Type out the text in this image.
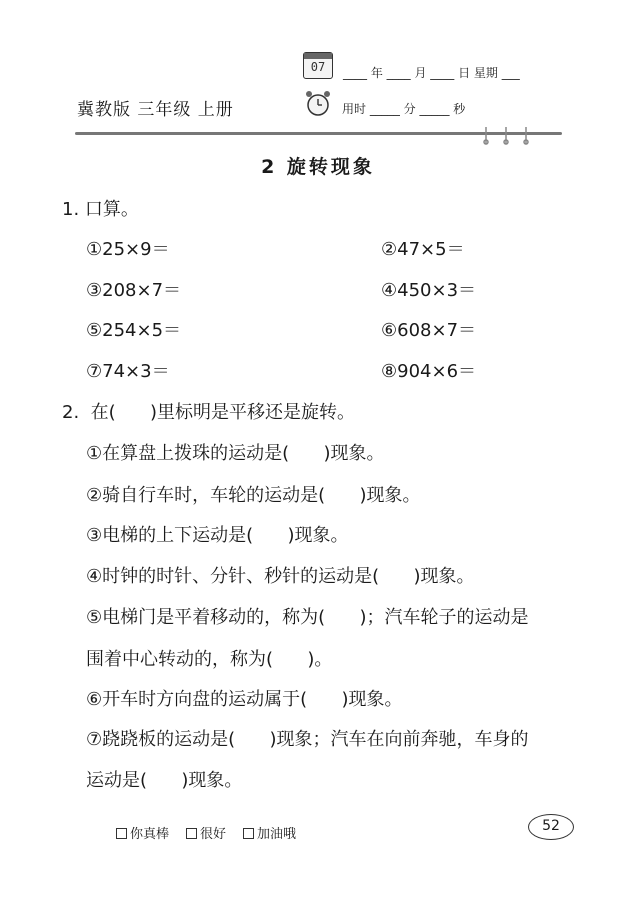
07	____ 年 ____ 月 ____ 日 星期 ___
用时 _____ 分 _____ 秒
冀教版 三年级 上册
2 旋转现象
1. 口算。
①25×9＝	②47×5＝
③208×7＝	④450×3＝
⑤254×5＝	⑥608×7＝
⑦74×3＝	⑧904×6＝
2.  在(      )里标明是平移还是旋转。
①在算盘上拨珠的运动是(      )现象。
②骑自行车时，车轮的运动是(      )现象。
③电梯的上下运动是(      )现象。
④时钟的时针、分针、秒针的运动是(      )现象。
⑤电梯门是平着移动的，称为(      )；汽车轮子的运动是
围着中心转动的，称为(      )。
⑥开车时方向盘的运动属于(      )现象。
⑦跷跷板的运动是(      )现象；汽车在向前奔驰，车身的
运动是(      )现象。
你真棒	很好	加油哦
52
